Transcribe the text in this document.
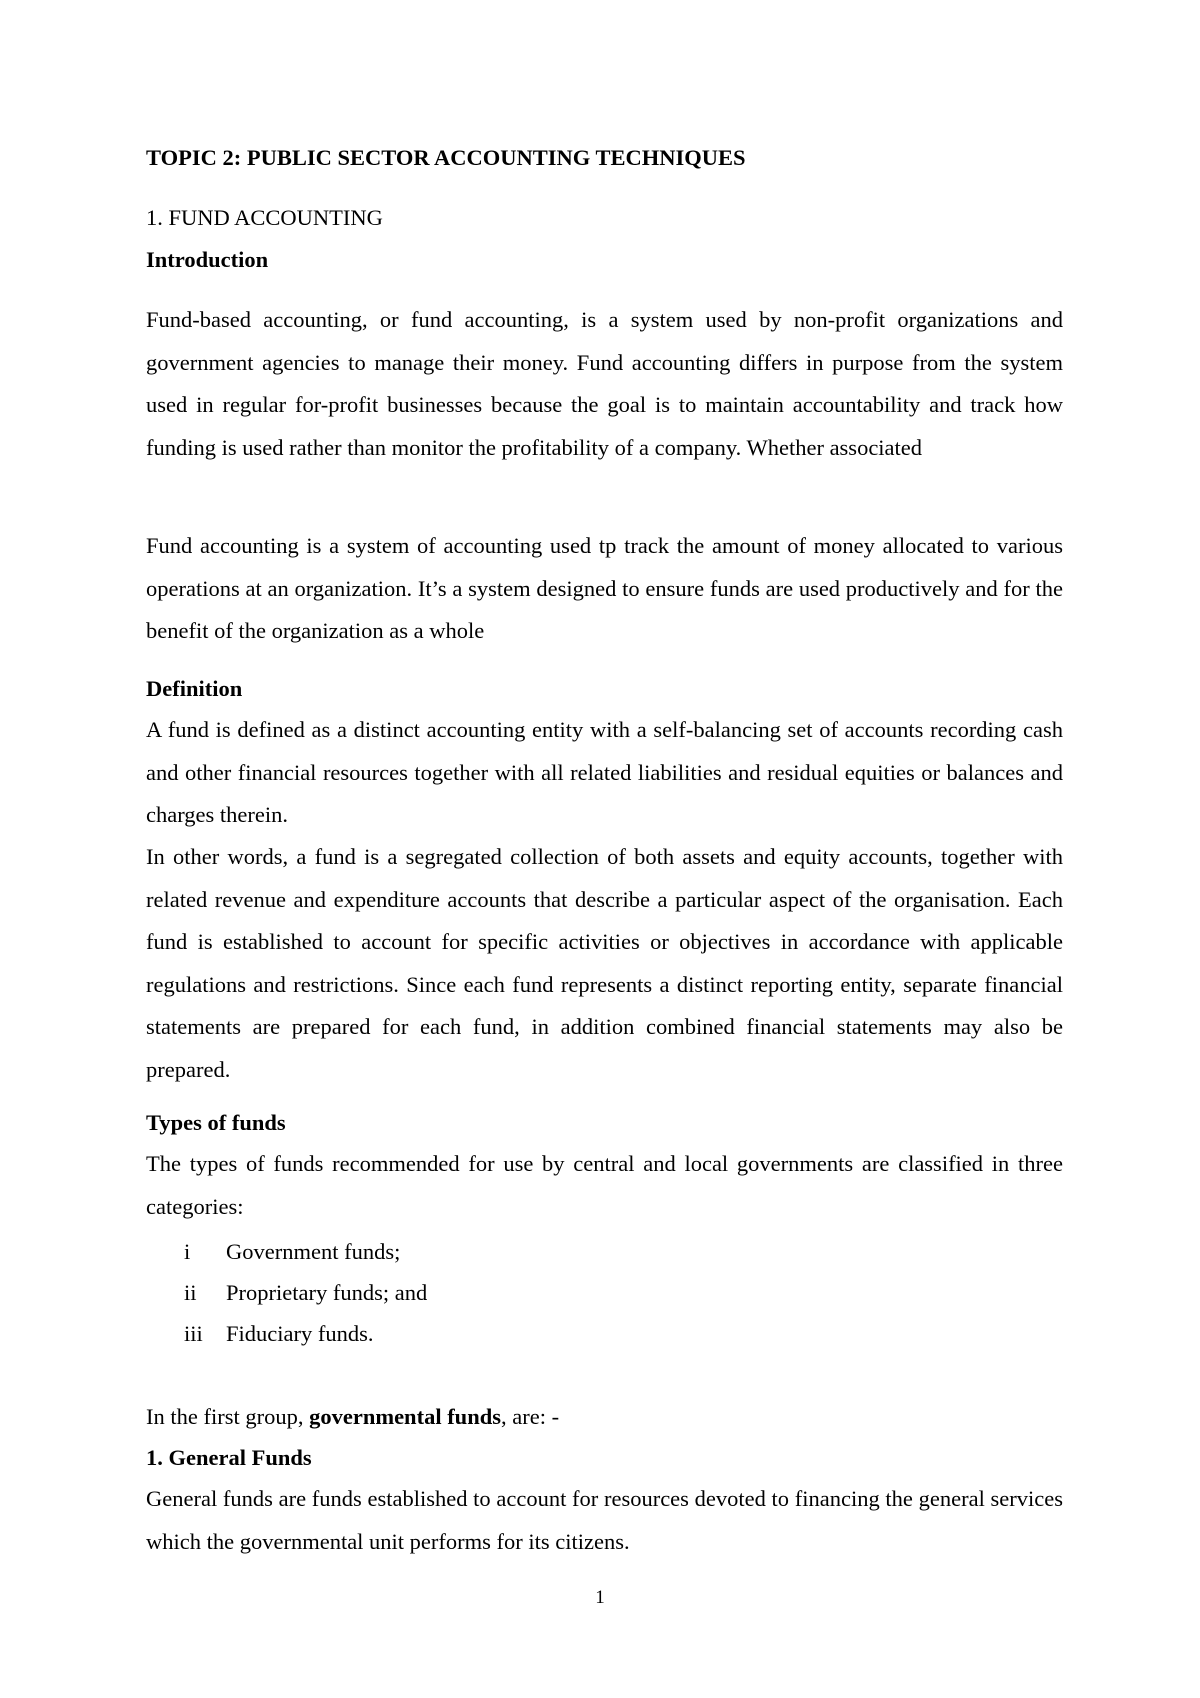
TOPIC 2: PUBLIC SECTOR ACCOUNTING TECHNIQUES
1. FUND ACCOUNTING
Introduction

Fund-based accounting, or fund accounting, is a system used by non-profit organizations and government agencies to manage their money. Fund accounting differs in purpose from the system used in regular for-profit businesses because the goal is to maintain accountability and track how funding is used rather than monitor the profitability of a company. Whether associated

Fund accounting is a system of accounting used tp track the amount of money allocated to various operations at an organization. It’s a system designed to ensure funds are used productively and for the benefit of the organization as a whole

Definition

A fund is defined as a distinct accounting entity with a self-balancing set of accounts recording cash and other financial resources together with all related liabilities and residual equities or balances and charges therein.

In other words, a fund is a segregated collection of both assets and equity accounts, together with related revenue and expenditure accounts that describe a particular aspect of the organisation. Each fund is established to account for specific activities or objectives in accordance with applicable regulations and restrictions. Since each fund represents a distinct reporting entity, separate financial statements are prepared for each fund, in addition combined financial statements may also be prepared.

Types of funds

The types of funds recommended for use by central and local governments are classified in three categories:

i Government funds;
ii Proprietary funds; and
iii Fiduciary funds.
In the first group, governmental funds, are: -
1. General Funds

General funds are funds established to account for resources devoted to financing the general services which the governmental unit performs for its citizens.

1
